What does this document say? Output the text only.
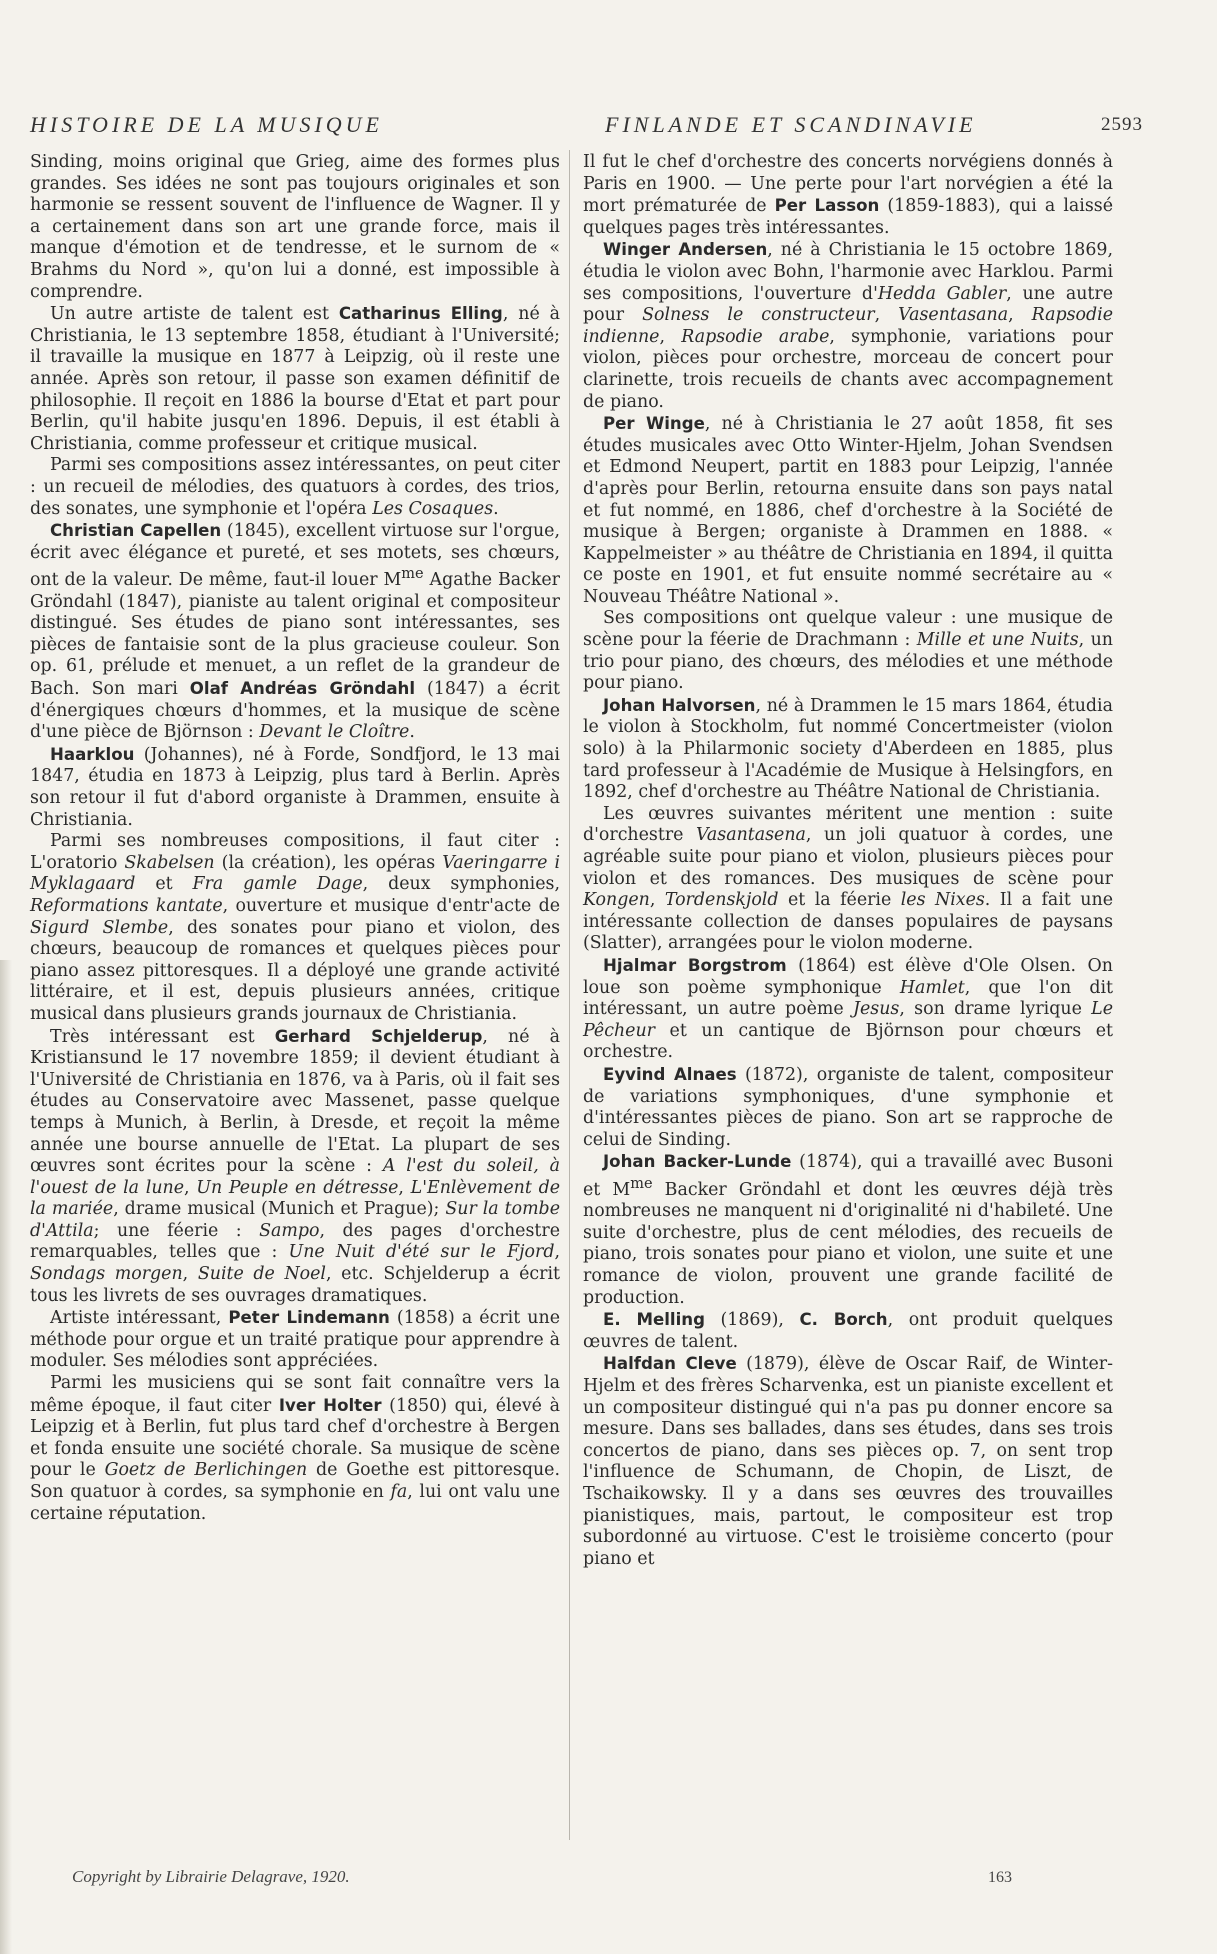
HISTOIRE DE LA MUSIQUE	FINLANDE ET SCANDINAVIE	2593

Sinding, moins original que Grieg, aime des formes plus grandes. Ses idées ne sont pas toujours originales et son harmonie se ressent souvent de l'influence de Wagner. Il y a certainement dans son art une grande force, mais il manque d'émotion et de tendresse, et le surnom de « Brahms du Nord », qu'on lui a donné, est impossible à comprendre.

Un autre artiste de talent est Catharinus Elling, né à Christiania, le 13 septembre 1858, étudiant à l'Université; il travaille la musique en 1877 à Leipzig, où il reste une année. Après son retour, il passe son examen définitif de philosophie. Il reçoit en 1886 la bourse d'Etat et part pour Berlin, qu'il habite jusqu'en 1896. Depuis, il est établi à Christiania, comme professeur et critique musical.

Parmi ses compositions assez intéressantes, on peut citer : un recueil de mélodies, des quatuors à cordes, des trios, des sonates, une symphonie et l'opéra Les Cosaques.

Christian Capellen (1845), excellent virtuose sur l'orgue, écrit avec élégance et pureté, et ses motets, ses chœurs, ont de la valeur. De même, faut-il louer $M^{me}$ Agathe Backer Gröndahl (1847), pianiste au talent original et compositeur distingué. Ses études de piano sont intéressantes, ses pièces de fantaisie sont de la plus gracieuse couleur. Son op. 61, prélude et menuet, a un reflet de la grandeur de Bach. Son mari Olaf Andréas Gröndahl (1847) a écrit d'énergiques chœurs d'hommes, et la musique de scène d'une pièce de Björnson : Devant le Cloître.

Haarklou (Johannes), né à Forde, Sondfjord, le 13 mai 1847, étudia en 1873 à Leipzig, plus tard à Berlin. Après son retour il fut d'abord organiste à Drammen, ensuite à Christiania.

Parmi ses nombreuses compositions, il faut citer : L'oratorio Skabelsen (la création), les opéras Vaeringarre i Myklagaard et Fra gamle Dage, deux symphonies, Reformations kantate, ouverture et musique d'entr'acte de Sigurd Slembe, des sonates pour piano et violon, des chœurs, beaucoup de romances et quelques pièces pour piano assez pittoresques. Il a déployé une grande activité littéraire, et il est, depuis plusieurs années, critique musical dans plusieurs grands journaux de Christiania.

Très intéressant est Gerhard Schjelderup, né à Kristiansund le 17 novembre 1859; il devient étudiant à l'Université de Christiania en 1876, va à Paris, où il fait ses études au Conservatoire avec Massenet, passe quelque temps à Munich, à Berlin, à Dresde, et reçoit la même année une bourse annuelle de l'Etat. La plupart de ses œuvres sont écrites pour la scène : A l'est du soleil, à l'ouest de la lune, Un Peuple en détresse, L'Enlèvement de la mariée, drame musical (Munich et Prague); Sur la tombe d'Attila; une féerie : Sampo, des pages d'orchestre remarquables, telles que : Une Nuit d'été sur le Fjord, Sondags morgen, Suite de Noel, etc. Schjelderup a écrit tous les livrets de ses ouvrages dramatiques.

Artiste intéressant, Peter Lindemann (1858) a écrit une méthode pour orgue et un traité pratique pour apprendre à moduler. Ses mélodies sont appréciées.

Parmi les musiciens qui se sont fait connaître vers la même époque, il faut citer Iver Holter (1850) qui, élevé à Leipzig et à Berlin, fut plus tard chef d'orchestre à Bergen et fonda ensuite une société chorale. Sa musique de scène pour le Goetz de Berlichingen de Goethe est pittoresque. Son quatuor à cordes, sa symphonie en fa, lui ont valu une certaine réputation.

Il fut le chef d'orchestre des concerts norvégiens donnés à Paris en 1900. — Une perte pour l'art norvégien a été la mort prématurée de Per Lasson (1859-1883), qui a laissé quelques pages très intéressantes.

Winger Andersen, né à Christiania le 15 octobre 1869, étudia le violon avec Bohn, l'harmonie avec Harklou. Parmi ses compositions, l'ouverture d'Hedda Gabler, une autre pour Solness le constructeur, Vasentasana, Rapsodie indienne, Rapsodie arabe, symphonie, variations pour violon, pièces pour orchestre, morceau de concert pour clarinette, trois recueils de chants avec accompagnement de piano.

Per Winge, né à Christiania le 27 août 1858, fit ses études musicales avec Otto Winter-Hjelm, Johan Svendsen et Edmond Neupert, partit en 1883 pour Leipzig, l'année d'après pour Berlin, retourna ensuite dans son pays natal et fut nommé, en 1886, chef d'orchestre à la Société de musique à Bergen; organiste à Drammen en 1888. « Kappelmeister » au théâtre de Christiania en 1894, il quitta ce poste en 1901, et fut ensuite nommé secrétaire au « Nouveau Théâtre National ».

Ses compositions ont quelque valeur : une musique de scène pour la féerie de Drachmann : Mille et une Nuits, un trio pour piano, des chœurs, des mélodies et une méthode pour piano.

Johan Halvorsen, né à Drammen le 15 mars 1864, étudia le violon à Stockholm, fut nommé Concertmeister (violon solo) à la Philarmonic society d'Aberdeen en 1885, plus tard professeur à l'Académie de Musique à Helsingfors, en 1892, chef d'orchestre au Théâtre National de Christiania.

Les œuvres suivantes méritent une mention : suite d'orchestre Vasantasena, un joli quatuor à cordes, une agréable suite pour piano et violon, plusieurs pièces pour violon et des romances. Des musiques de scène pour Kongen, Tordenskjold et la féerie les Nixes. Il a fait une intéressante collection de danses populaires de paysans (Slatter), arrangées pour le violon moderne.

Hjalmar Borgstrom (1864) est élève d'Ole Olsen. On loue son poème symphonique Hamlet, que l'on dit intéressant, un autre poème Jesus, son drame lyrique Le Pêcheur et un cantique de Björnson pour chœurs et orchestre.

Eyvind Alnaes (1872), organiste de talent, compositeur de variations symphoniques, d'une symphonie et d'intéressantes pièces de piano. Son art se rapproche de celui de Sinding.

Johan Backer-Lunde (1874), qui a travaillé avec Busoni et $M^{me}$ Backer Gröndahl et dont les œuvres déjà très nombreuses ne manquent ni d'originalité ni d'habileté. Une suite d'orchestre, plus de cent mélodies, des recueils de piano, trois sonates pour piano et violon, une suite et une romance de violon, prouvent une grande facilité de production.

E. Melling (1869), C. Borch, ont produit quelques œuvres de talent.

Halfdan Cleve (1879), élève de Oscar Raif, de Winter-Hjelm et des frères Scharvenka, est un pianiste excellent et un compositeur distingué qui n'a pas pu donner encore sa mesure. Dans ses ballades, dans ses études, dans ses trois concertos de piano, dans ses pièces op. 7, on sent trop l'influence de Schumann, de Chopin, de Liszt, de Tschaikowsky. Il y a dans ses œuvres des trouvailles pianistiques, mais, partout, le compositeur est trop subordonné au virtuose. C'est le troisième concerto (pour piano et

Copyright by Librairie Delagrave, 1920.	163
